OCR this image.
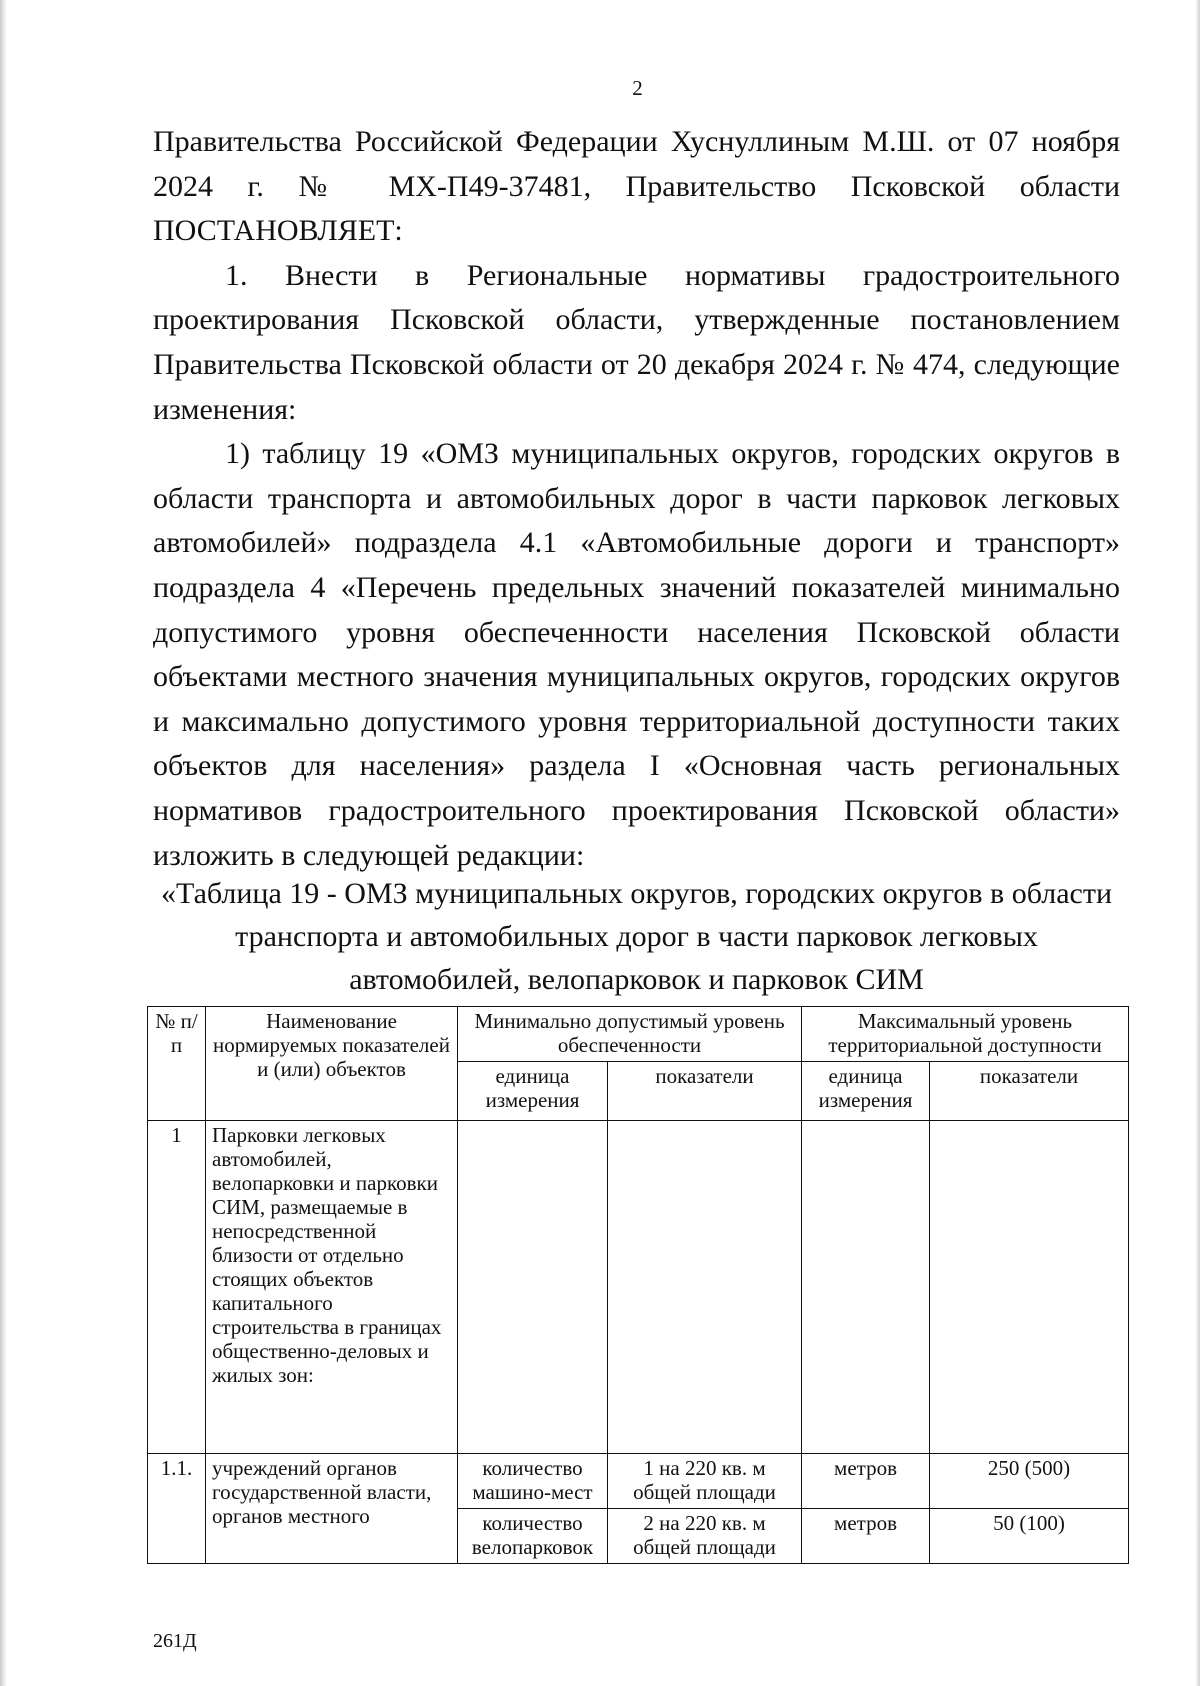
2

Правительства Российской Федерации Хуснуллиным М.Ш. от 07 ноября 2024 г. № МХ-П49-37481, Правительство Псковской области ПОСТАНОВЛЯЕТ:

1. Внести в Региональные нормативы градостроительного проектирования Псковской области, утвержденные постановлением Правительства Псковской области от 20 декабря 2024 г. № 474, следующие изменения:

1) таблицу 19 «ОМЗ муниципальных округов, городских округов в области транспорта и автомобильных дорог в части парковок легковых автомобилей» подраздела 4.1 «Автомобильные дороги и транспорт» подраздела 4 «Перечень предельных значений показателей минимально допустимого уровня обеспеченности населения Псковской области объектами местного значения муниципальных округов, городских округов и максимально допустимого уровня территориальной доступности таких объектов для населения» раздела I «Основная часть региональных нормативов градостроительного проектирования Псковской области» изложить в следующей редакции:

«Таблица 19 - ОМЗ муниципальных округов, городских округов в области
транспорта и автомобильных дорог в части парковок легковых
автомобилей, велопарковок и парковок СИМ

№ п/п	Наименование нормируемых показателей и (или) объектов	Минимально допустимый уровень обеспеченности		Максимальный уровень территориальной доступности	
		единица измерения	показатели	единица измерения	показатели
1	Парковки легковых автомобилей, велопарковки и парковки СИМ, размещаемые в непосредственной близости от отдельно стоящих объектов капитального строительства в границах общественно-деловых и жилых зон:				
1.1.	учреждений органов государственной власти, органов местного	количество машино-мест	1 на 220 кв. м общей площади	метров	250 (500)
		количество велопарковок	2 на 220 кв. м общей площади	метров	50 (100)
261Д
